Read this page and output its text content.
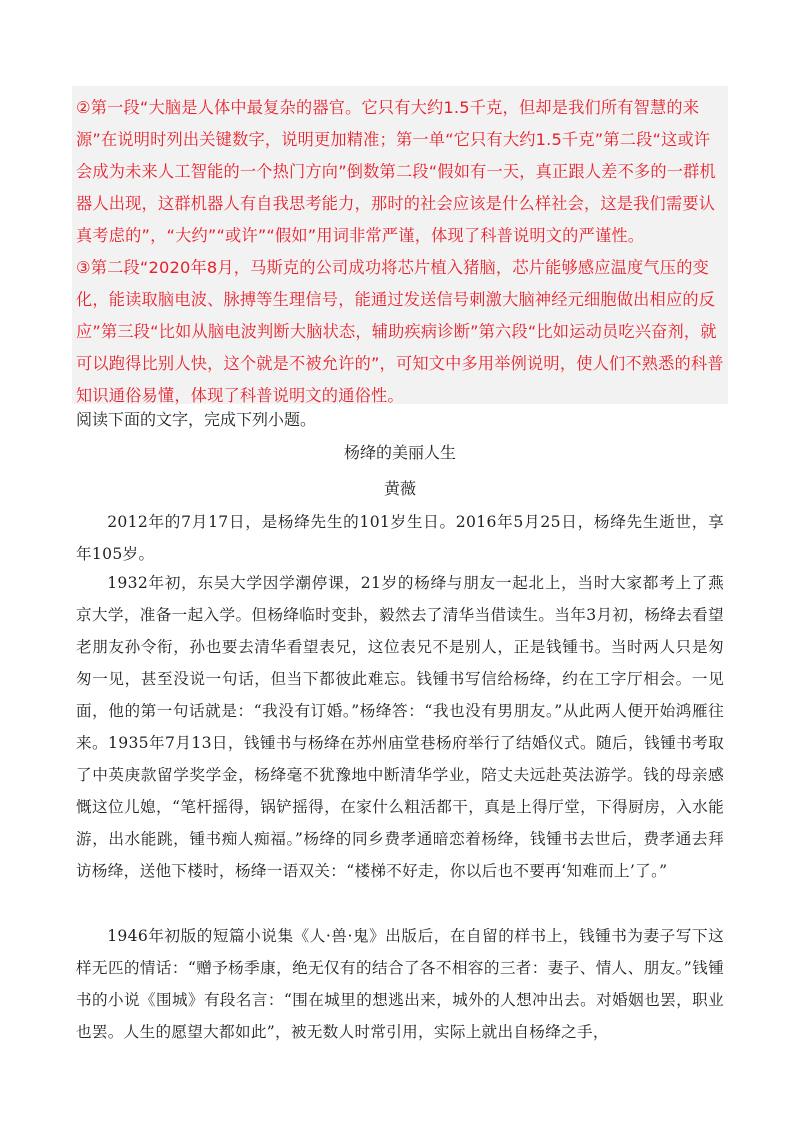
②第一段“大脑是人体中最复杂的器官。它只有大约1.5千克，但却是我们所有智慧的来源”在说明时列出关键数字，说明更加精准；第一单“它只有大约1.5千克”第二段“这或许会成为未来人工智能的一个热门方向”倒数第二段“假如有一天，真正跟人差不多的一群机器人出现，这群机器人有自我思考能力，那时的社会应该是什么样社会，这是我们需要认真考虑的”，“大约”“或许”“假如”用词非常严谨，体现了科普说明文的严谨性。

③第二段“2020年8月，马斯克的公司成功将芯片植入猪脑，芯片能够感应温度气压的变化，能读取脑电波、脉搏等生理信号，能通过发送信号刺激大脑神经元细胞做出相应的反应”第三段“比如从脑电波判断大脑状态，辅助疾病诊断”第六段“比如运动员吃兴奋剂，就可以跑得比别人快，这个就是不被允许的”，可知文中多用举例说明，使人们不熟悉的科普知识通俗易懂，体现了科普说明文的通俗性。

阅读下面的文字，完成下列小题。

杨绛的美丽人生

黄薇

2012年的7月17日，是杨绛先生的101岁生日。2016年5月25日，杨绛先生逝世，享年105岁。

1932年初，东吴大学因学潮停课，21岁的杨绛与朋友一起北上，当时大家都考上了燕京大学，准备一起入学。但杨绛临时变卦，毅然去了清华当借读生。当年3月初，杨绛去看望老朋友孙令衔，孙也要去清华看望表兄，这位表兄不是别人，正是钱锺书。当时两人只是匆匆一见，甚至没说一句话，但当下都彼此难忘。钱锺书写信给杨绛，约在工字厅相会。一见面，他的第一句话就是：“我没有订婚。”杨绛答：“我也没有男朋友。”从此两人便开始鸿雁往来。1935年7月13日，钱锺书与杨绛在苏州庙堂巷杨府举行了结婚仪式。随后，钱锺书考取了中英庚款留学奖学金，杨绛毫不犹豫地中断清华学业，陪丈夫远赴英法游学。钱的母亲感慨这位儿媳，“笔杆摇得，锅铲摇得，在家什么粗活都干，真是上得厅堂，下得厨房，入水能游，出水能跳，锺书痴人痴福。”杨绛的同乡费孝通暗恋着杨绛，钱锺书去世后，费孝通去拜访杨绛，送他下楼时，杨绛一语双关：“楼梯不好走，你以后也不要再‘知难而上’了。”

1946年初版的短篇小说集《人·兽·鬼》出版后，在自留的样书上，钱锺书为妻子写下这样无匹的情话：“赠予杨季康，绝无仅有的结合了各不相容的三者：妻子、情人、朋友。”钱锺书的小说《围城》有段名言：“围在城里的想逃出来，城外的人想冲出去。对婚姻也罢，职业也罢。人生的愿望大都如此”，被无数人时常引用，实际上就出自杨绛之手，
